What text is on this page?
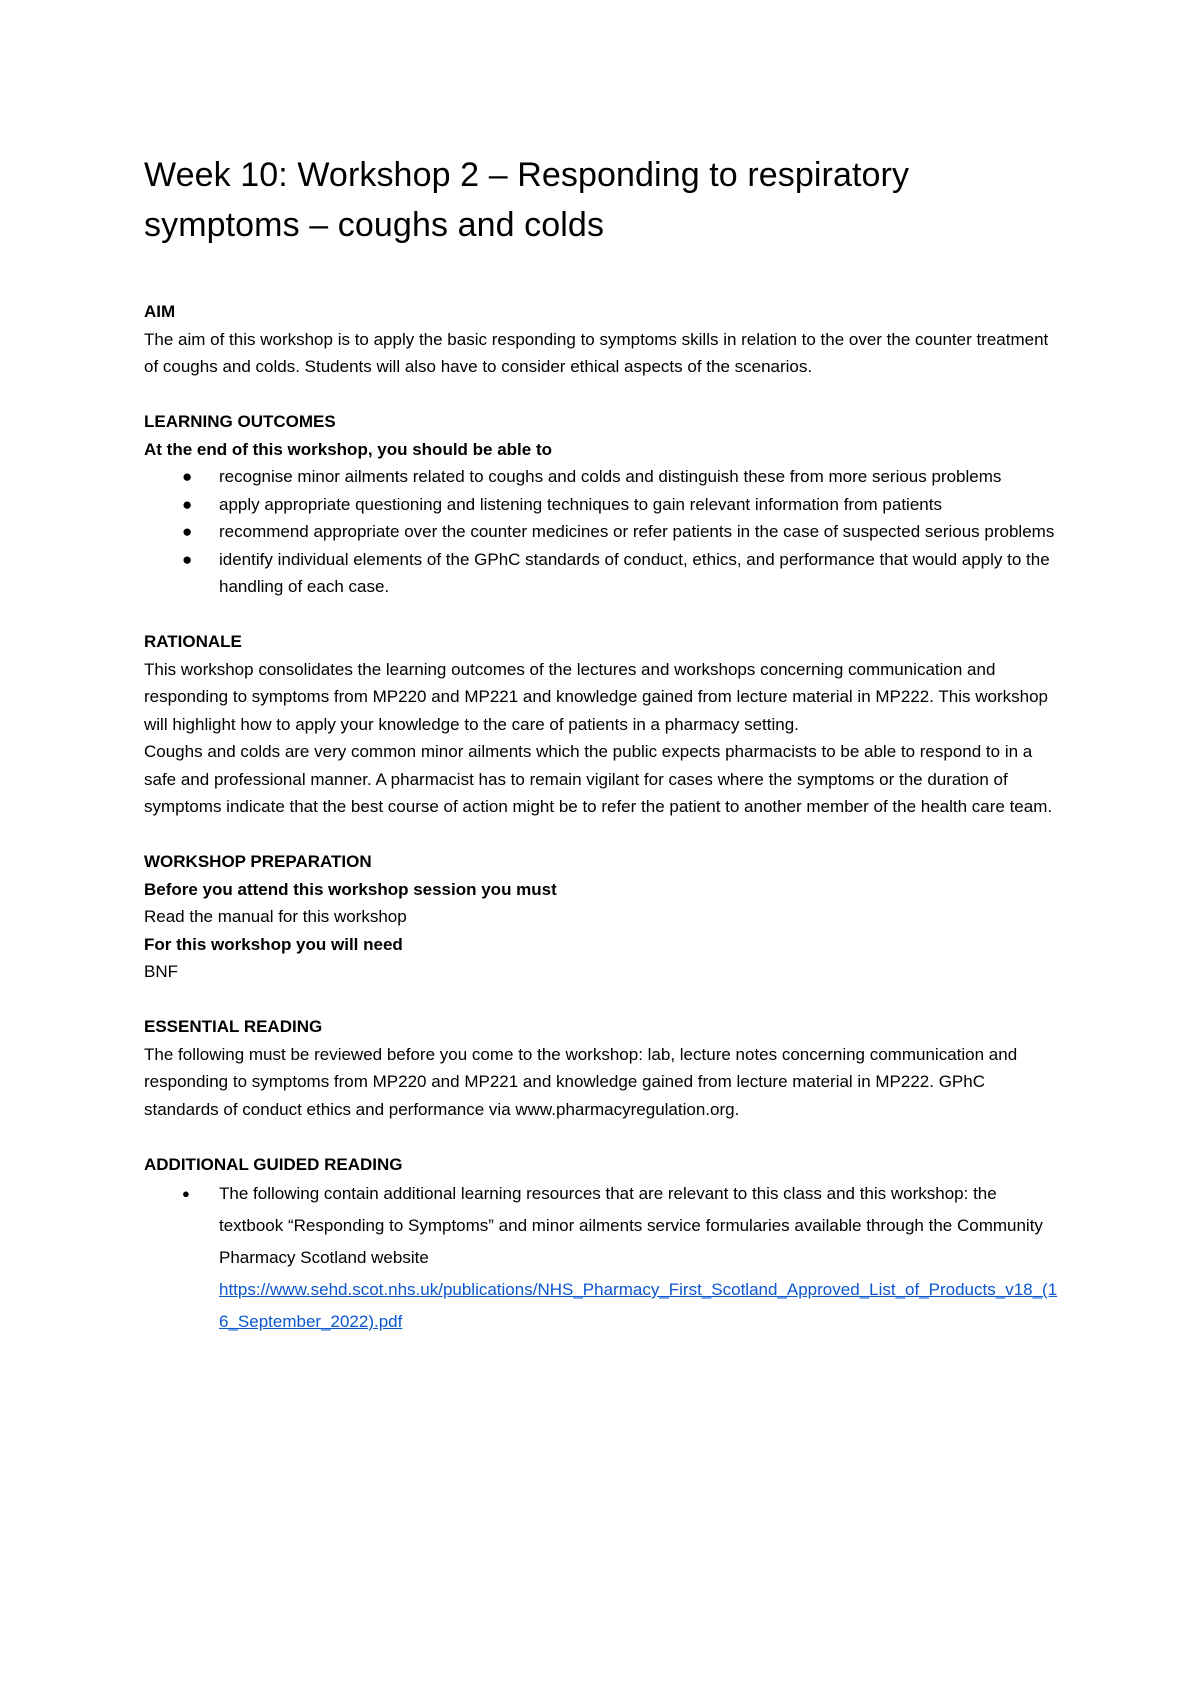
Week 10: Workshop 2 – Responding to respiratory symptoms – coughs and colds
AIM
The aim of this workshop is to apply the basic responding to symptoms skills in relation to the over the counter treatment of coughs and colds. Students will also have to consider ethical aspects of the scenarios.
LEARNING OUTCOMES
At the end of this workshop, you should be able to
● recognise minor ailments related to coughs and colds and distinguish these from more serious problems
● apply appropriate questioning and listening techniques to gain relevant information from patients
● recommend appropriate over the counter medicines or refer patients in the case of suspected serious problems
● identify individual elements of the GPhC standards of conduct, ethics, and performance that would apply to the handling of each case.
RATIONALE
This workshop consolidates the learning outcomes of the lectures and workshops concerning communication and responding to symptoms from MP220 and MP221 and knowledge gained from lecture material in MP222. This workshop will highlight how to apply your knowledge to the care of patients in a pharmacy setting.
Coughs and colds are very common minor ailments which the public expects pharmacists to be able to respond to in a safe and professional manner. A pharmacist has to remain vigilant for cases where the symptoms or the duration of symptoms indicate that the best course of action might be to refer the patient to another member of the health care team.
WORKSHOP PREPARATION
Before you attend this workshop session you must
Read the manual for this workshop
For this workshop you will need
BNF
ESSENTIAL READING
The following must be reviewed before you come to the workshop: lab, lecture notes concerning communication and responding to symptoms from MP220 and MP221 and knowledge gained from lecture material in MP222. GPhC standards of conduct ethics and performance via www.pharmacyregulation.org.
ADDITIONAL GUIDED READING
● The following contain additional learning resources that are relevant to this class and this workshop: the textbook “Responding to Symptoms” and minor ailments service formularies available through the Community Pharmacy Scotland website
https://www.sehd.scot.nhs.uk/publications/NHS_Pharmacy_First_Scotland_Approved_List_of_Products_v18_(16_September_2022).pdf
